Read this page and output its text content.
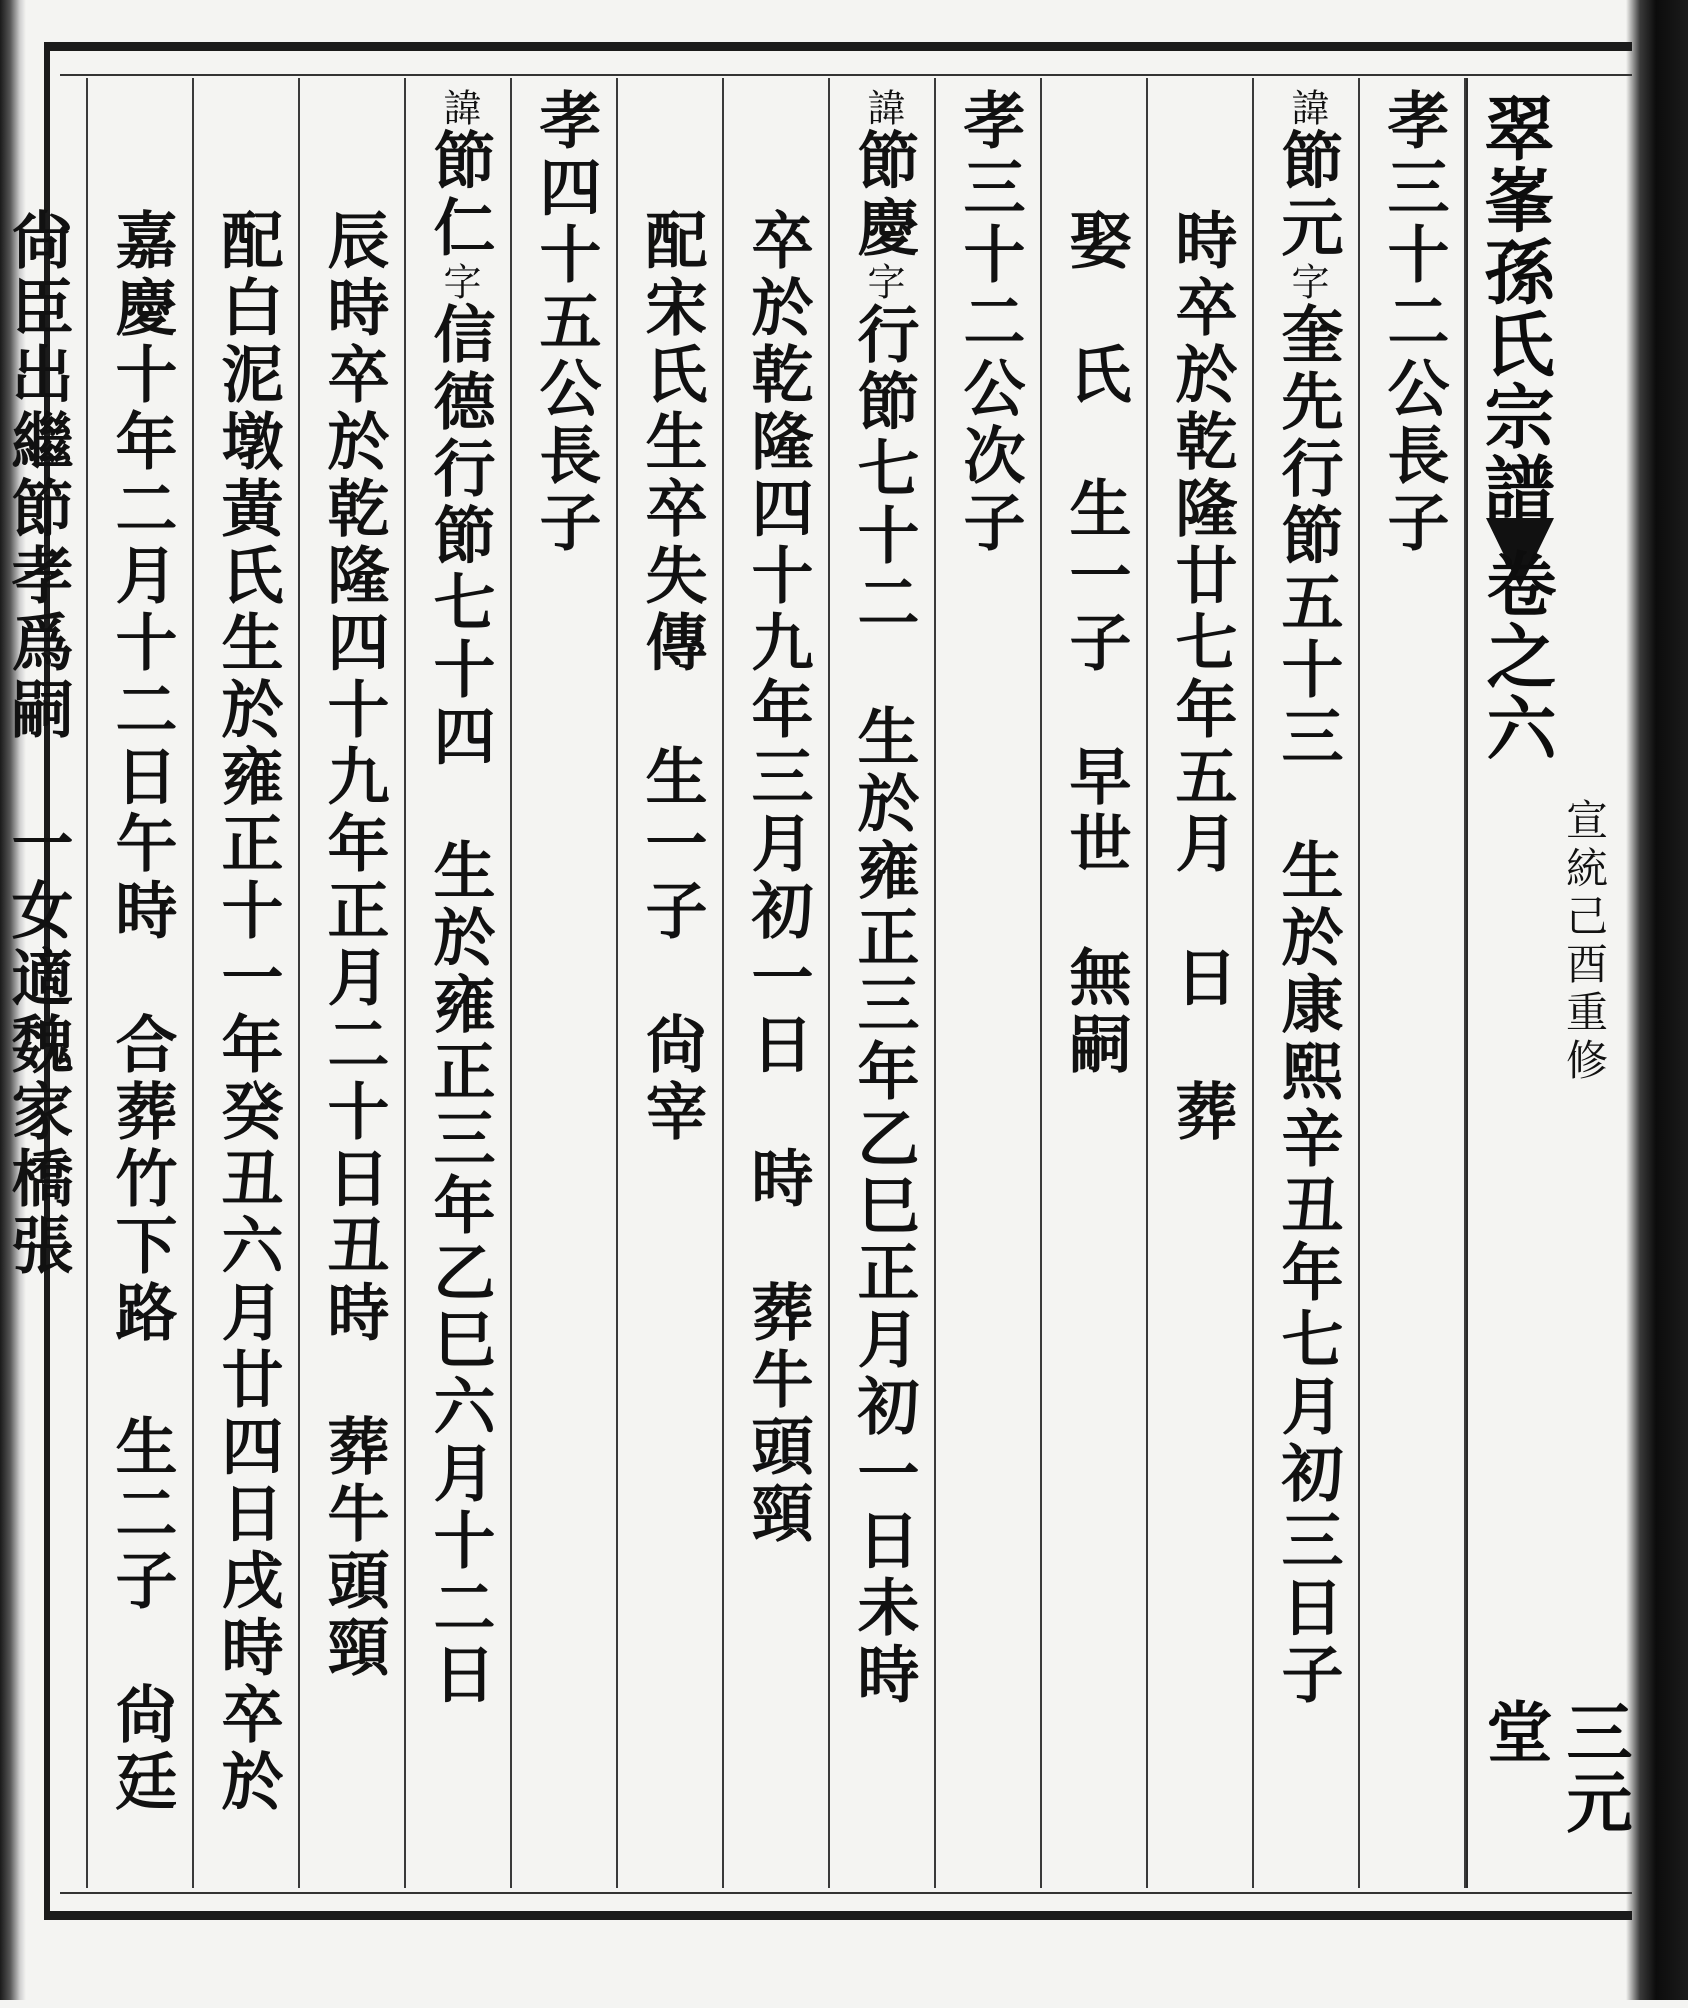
孝三十二公長子
諱節元字奎先行節五十三　生於康熙辛丑年七月初三日子
時卒於乾隆廿七年五月　日　葬
娶　氏　生一子　早世　無嗣
孝三十二公次子
諱節慶字行節七十二　生於雍正三年乙巳正月初一日未時
卒於乾隆四十九年三月初一日　時　葬牛頭頸
配宋氏生卒失傳　生一子　尙宰
孝四十五公長子
諱節仁字信德行節七十四　生於雍正三年乙巳六月十二日
辰時卒於乾隆四十九年正月二十日丑時　葬牛頭頸
配白泥墩黃氏生於雍正十一年癸丑六月廿四日戌時卒於
嘉慶十年二月十二日午時　合葬竹下路　生二子　尙廷
尙臣出繼節孝爲嗣　一女適魏家橋張	翠峯孫氏宗譜
卷之六
宣統己酉重修
三元堂
